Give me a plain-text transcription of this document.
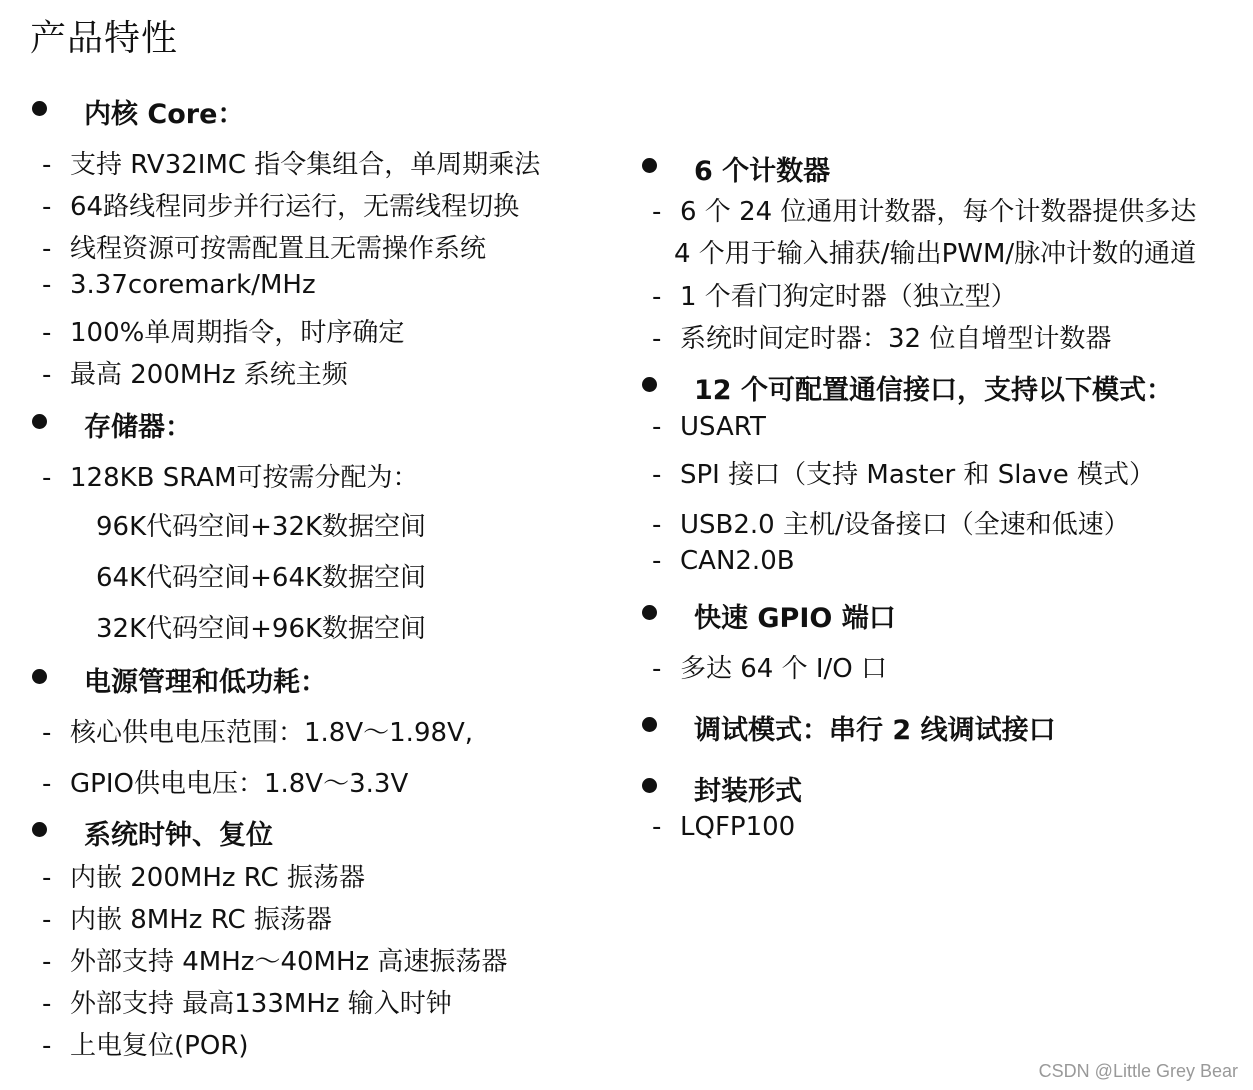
产品特性
内核 Core：
- 支持 RV32IMC 指令集组合，单周期乘法
- 64路线程同步并行运行，无需线程切换
- 线程资源可按需配置且无需操作系统
- 3.37coremark/MHz
- 100%单周期指令，时序确定
- 最高 200MHz 系统主频
存储器：
- 128KB SRAM可按需分配为：
96K代码空间+32K数据空间
64K代码空间+64K数据空间
32K代码空间+96K数据空间
电源管理和低功耗：
- 核心供电电压范围：1.8V～1.98V,
- GPIO供电电压：1.8V～3.3V
系统时钟、复位
- 内嵌 200MHz RC 振荡器
- 内嵌 8MHz RC 振荡器
- 外部支持 4MHz～40MHz 高速振荡器
- 外部支持 最高133MHz 输入时钟
- 上电复位(POR)
6 个计数器
- 6 个 24 位通用计数器，每个计数器提供多达
4 个用于输入捕获/输出PWM/脉冲计数的通道
- 1 个看门狗定时器（独立型）
- 系统时间定时器：32 位自增型计数器
12 个可配置通信接口，支持以下模式：
- USART
- SPI 接口（支持 Master 和 Slave 模式）
- USB2.0 主机/设备接口（全速和低速）
- CAN2.0B
快速 GPIO 端口
- 多达 64 个 I/O 口
调试模式：串行 2 线调试接口
封装形式
- LQFP100
CSDN @Little Grey Bear
